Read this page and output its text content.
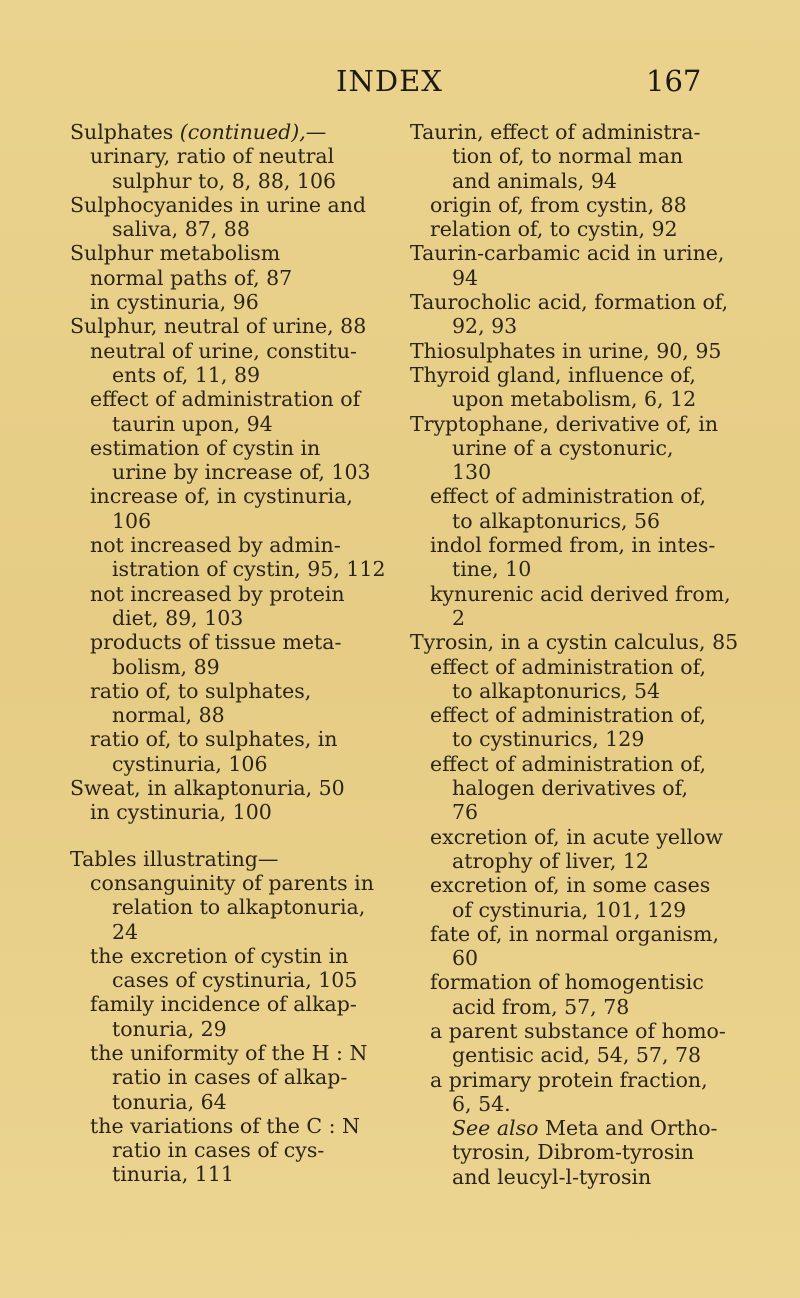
INDEX	167
Sulphates (continued),—
urinary, ratio of neutral
sulphur to, 8, 88, 106
Sulphocyanides in urine and
saliva, 87, 88
Sulphur metabolism
normal paths of, 87
in cystinuria, 96
Sulphur, neutral of urine, 88
neutral of urine, constitu-
ents of, 11, 89
effect of administration of
taurin upon, 94
estimation of cystin in
urine by increase of, 103
increase of, in cystinuria,
106
not increased by admin-
istration of cystin, 95, 112
not increased by protein
diet, 89, 103
products of tissue meta-
bolism, 89
ratio of, to sulphates,
normal, 88
ratio of, to sulphates, in
cystinuria, 106
Sweat, in alkaptonuria, 50
in cystinuria, 100
Tables illustrating—
consanguinity of parents in
relation to alkaptonuria,
24
the excretion of cystin in
cases of cystinuria, 105
family incidence of alkap-
tonuria, 29
the uniformity of the H : N
ratio in cases of alkap-
tonuria, 64
the variations of the C : N
ratio in cases of cys-
tinuria, 111
Taurin, effect of administra-
tion of, to normal man
and animals, 94
origin of, from cystin, 88
relation of, to cystin, 92
Taurin-carbamic acid in urine,
94
Taurocholic acid, formation of,
92, 93
Thiosulphates in urine, 90, 95
Thyroid gland, influence of,
upon metabolism, 6, 12
Tryptophane, derivative of, in
urine of a cystonuric,
130
effect of administration of,
to alkaptonurics, 56
indol formed from, in intes-
tine, 10
kynurenic acid derived from,
2
Tyrosin, in a cystin calculus, 85
effect of administration of,
to alkaptonurics, 54
effect of administration of,
to cystinurics, 129
effect of administration of,
halogen derivatives of,
76
excretion of, in acute yellow
atrophy of liver, 12
excretion of, in some cases
of cystinuria, 101, 129
fate of, in normal organism,
60
formation of homogentisic
acid from, 57, 78
a parent substance of homo-
gentisic acid, 54, 57, 78
a primary protein fraction,
6, 54.
See also Meta and Ortho-
tyrosin, Dibrom-tyrosin
and leucyl-l-tyrosin
